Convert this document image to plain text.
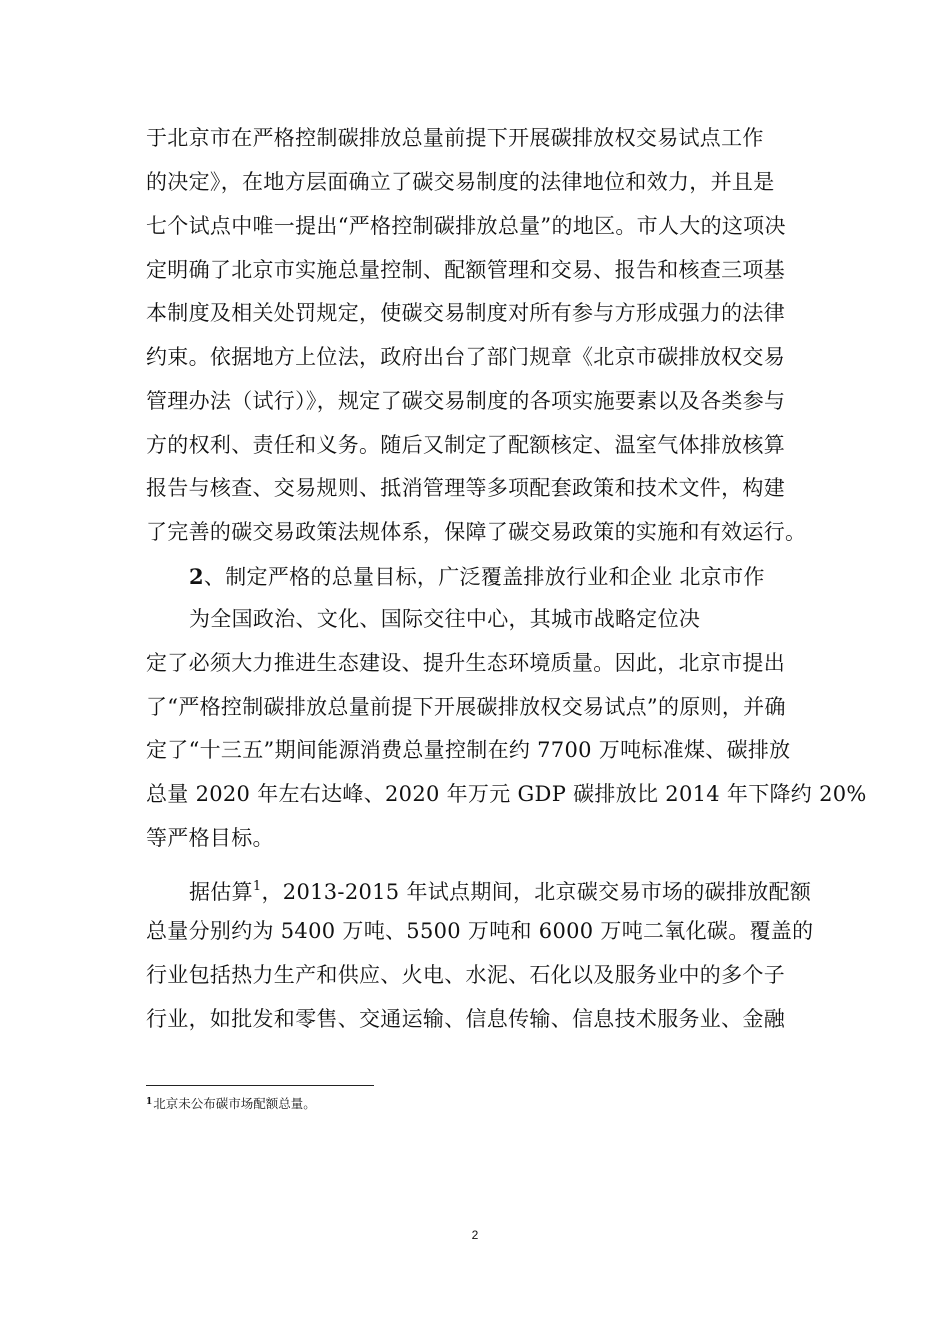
于北京市在严格控制碳排放总量前提下开展碳排放权交易试点工作
的决定》，在地方层面确立了碳交易制度的法律地位和效力，并且是
七个试点中唯一提出“严格控制碳排放总量”的地区。市人大的这项决
定明确了北京市实施总量控制、配额管理和交易、报告和核查三项基
本制度及相关处罚规定，使碳交易制度对所有参与方形成强力的法律
约束。依据地方上位法，政府出台了部门规章《北京市碳排放权交易
管理办法（试行）》，规定了碳交易制度的各项实施要素以及各类参与
方的权利、责任和义务。随后又制定了配额核定、温室气体排放核算
报告与核查、交易规则、抵消管理等多项配套政策和技术文件，构建
了完善的碳交易政策法规体系，保障了碳交易政策的实施和有效运行。
2、制定严格的总量目标，广泛覆盖排放行业和企业 北京市作
为全国政治、文化、国际交往中心，其城市战略定位决
定了必须大力推进生态建设、提升生态环境质量。因此，北京市提出
了“严格控制碳排放总量前提下开展碳排放权交易试点”的原则，并确
定了“十三五”期间能源消费总量控制在约 7700 万吨标准煤、碳排放
总量 2020 年左右达峰、2020 年万元 GDP 碳排放比 2014 年下降约 20%
等严格目标。
据估算$^1$，2013-2015 年试点期间，北京碳交易市场的碳排放配额
总量分别约为 5400 万吨、5500 万吨和 6000 万吨二氧化碳。覆盖的
行业包括热力生产和供应、火电、水泥、石化以及服务业中的多个子
行业，如批发和零售、交通运输、信息传输、信息技术服务业、金融
$^1$北京未公布碳市场配额总量。
2
